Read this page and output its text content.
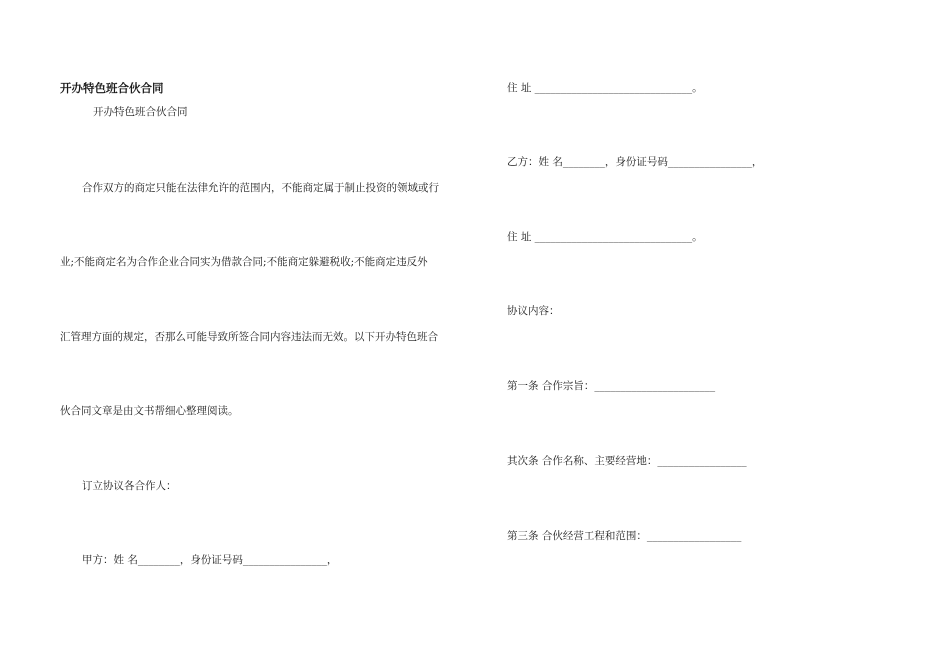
开办特色班合伙合同
开办特色班合伙合同
合作双方的商定只能在法律允许的范围内，不能商定属于制止投资的领域或行
业;不能商定名为合作企业合同实为借款合同;不能商定躲避税收;不能商定违反外
汇管理方面的规定，否那么可能导致所签合同内容违法而无效。以下开办特色班合
伙合同文章是由文书帮细心整理阅读。
订立协议各合作人：
甲方：姓 名________，身份证号码________________，
住 址 ______________________________。
乙方：姓 名________，身份证号码________________，
住 址 ______________________________。
协议内容：
第一条 合作宗旨：_______________________
其次条 合作名称、主要经营地：_________________
第三条 合伙经营工程和范围：__________________
